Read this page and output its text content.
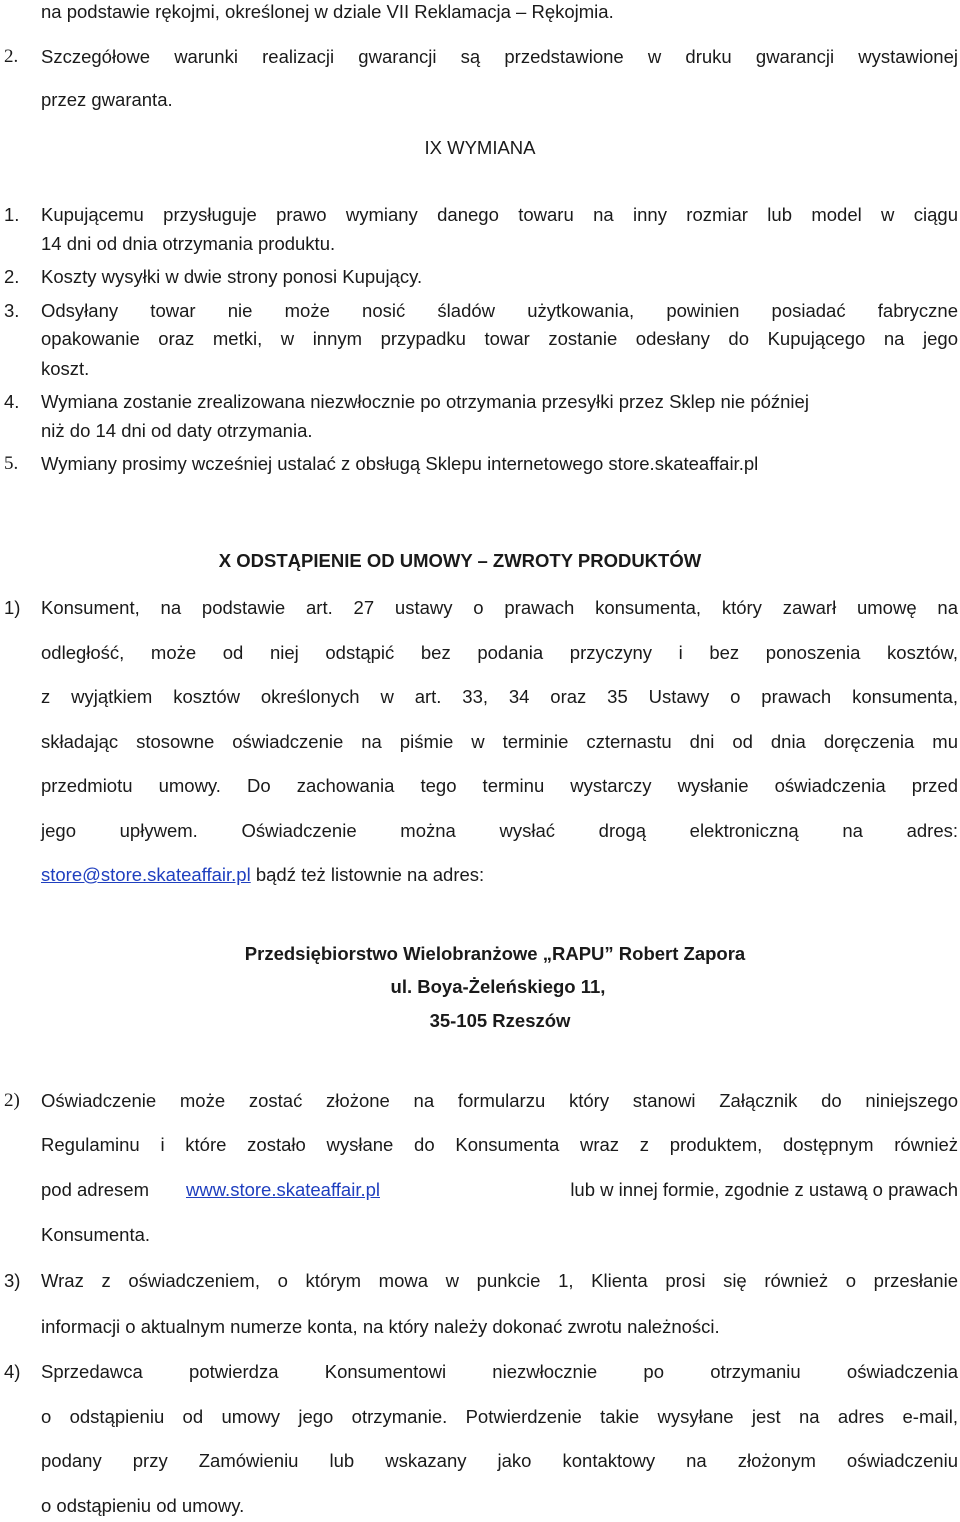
na podstawie rękojmi, określonej w dziale VII Reklamacja – Rękojmia.
2. Szczegółowe warunki realizacji gwarancji są przedstawione w druku gwarancji wystawionej
przez gwaranta.
IX WYMIANA
1. Kupującemu przysługuje prawo wymiany danego towaru na inny rozmiar lub model w ciągu
14 dni od dnia otrzymania produktu.
2. Koszty wysyłki w dwie strony ponosi Kupujący.
3. Odsyłany towar nie może nosić śladów użytkowania, powinien posiadać fabryczne
opakowanie oraz metki, w innym przypadku towar zostanie odesłany do Kupującego na jego
koszt.
4. Wymiana zostanie zrealizowana niezwłocznie po otrzymania przesyłki przez Sklep nie później
niż do 14 dni od daty otrzymania.
5. Wymiany prosimy wcześniej ustalać z obsługą Sklepu internetowego store.skateaffair.pl
X ODSTĄPIENIE OD UMOWY – ZWROTY PRODUKTÓW
1) Konsument, na podstawie art. 27 ustawy o prawach konsumenta, który zawarł umowę na
odległość, może od niej odstąpić bez podania przyczyny i bez ponoszenia kosztów,
z wyjątkiem kosztów określonych w art. 33, 34 oraz 35 Ustawy o prawach konsumenta,
składając stosowne oświadczenie na piśmie w terminie czternastu dni od dnia doręczenia mu
przedmiotu umowy. Do zachowania tego terminu wystarczy wysłanie oświadczenia przed
jego upływem. Oświadczenie można wysłać drogą elektroniczną na adres:
store@store.skateaffair.pl bądź też listownie na adres:
Przedsiębiorstwo Wielobranżowe „RAPU” Robert Zapora
ul. Boya-Żeleńskiego 11,
35-105 Rzeszów
2) Oświadczenie może zostać złożone na formularzu który stanowi Załącznik do niniejszego
Regulaminu i które zostało wysłane do Konsumenta wraz z produktem, dostępnym również
pod adresem www.store.skateaffair.pl	lub w innej formie, zgodnie z ustawą o prawach
Konsumenta.
3) Wraz z oświadczeniem, o którym mowa w punkcie 1, Klienta prosi się również o przesłanie
informacji o aktualnym numerze konta, na który należy dokonać zwrotu należności.
4) Sprzedawca potwierdza Konsumentowi niezwłocznie po otrzymaniu oświadczenia
o odstąpieniu od umowy jego otrzymanie. Potwierdzenie takie wysyłane jest na adres e-mail,
podany przy Zamówieniu lub wskazany jako kontaktowy na złożonym oświadczeniu
o odstąpieniu od umowy.
